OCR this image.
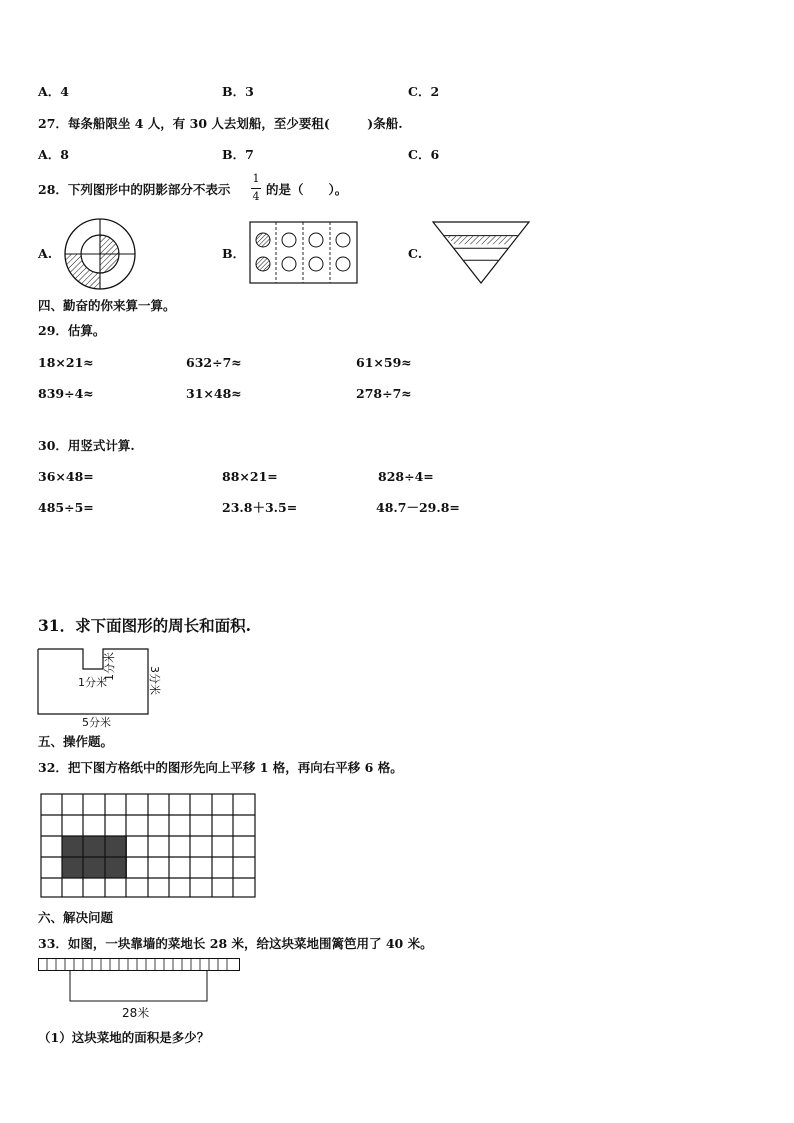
A．4	B．3	C．2
27．每条船限坐 4 人，有 30 人去划船，至少要租(　　　)条船.
A．8	B．7	C．6
28．下列图形中的阴影部分不表示
1
4 的是（　　）。
A.	B．	C.
四、勤奋的你来算一算。
29．估算。
18×21≈	632÷7≈	61×59≈
839÷4≈	31×48≈	278÷7≈
30．用竖式计算.
36×48=	88×21=	828÷4=
485÷5=	23.8＋3.5=	48.7－29.8=
31．求下面图形的周长和面积.
1分米
1分米	3分米
5分米
五、操作题。
32．把下图方格纸中的图形先向上平移 1 格，再向右平移 6 格。
六、解决问题
33．如图，一块靠墙的菜地长 28 米，给这块菜地围篱笆用了 40 米。
28米
（1）这块菜地的面积是多少？
